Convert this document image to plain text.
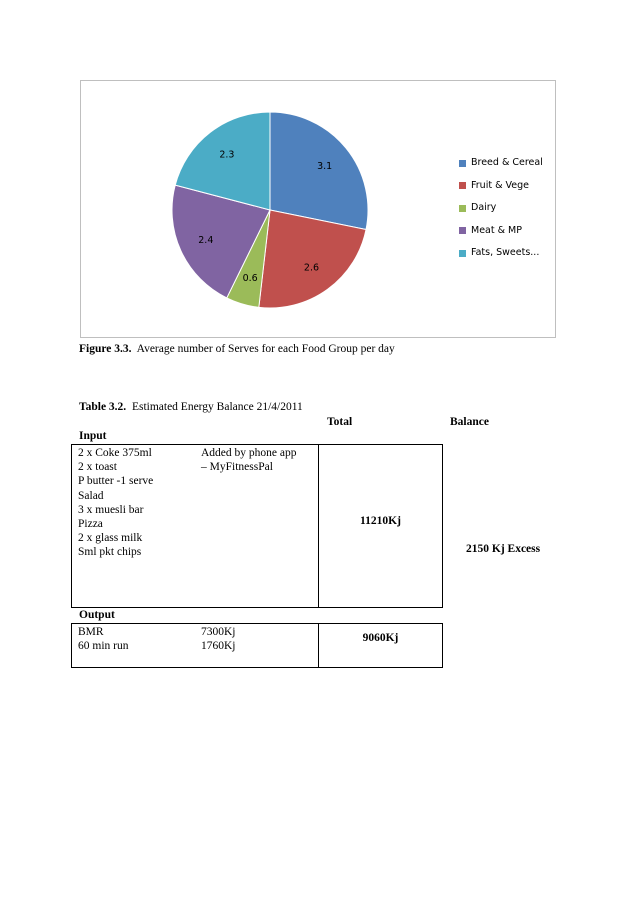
3.1
2.6
0.6
2.4
2.3
Breed & Cereal
Fruit & Vege
Dairy
Meat & MP
Fats, Sweets...
Figure 3.3. Average number of Serves for each Food Group per day
Table 3.2. Estimated Energy Balance 21/4/2011
Total	Balance
Input
2 x Coke 375ml
2 x toast
P butter -1 serve
Salad
3 x muesli bar
Pizza
2 x glass milk
Sml pkt chips
Added by phone app
– MyFitnessPal
11210Kj
Output
BMR
60 min run
7300Kj
1760Kj
9060Kj
2150 Kj Excess
